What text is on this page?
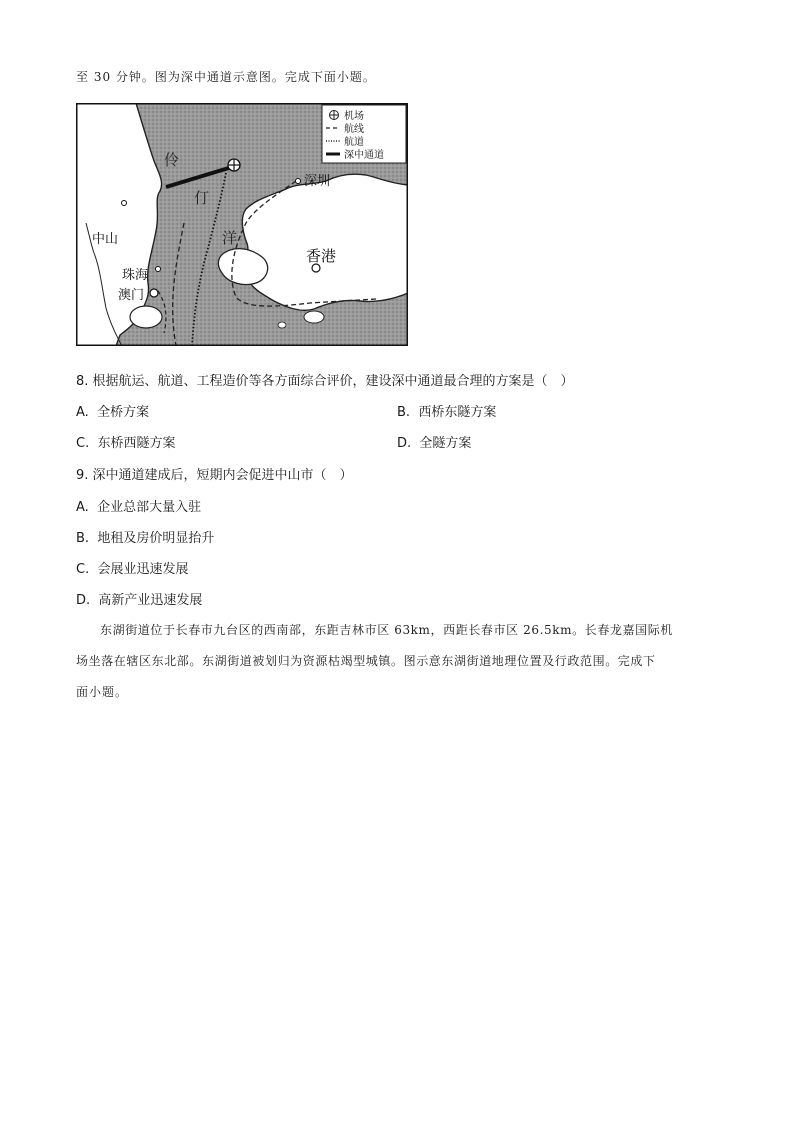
至 30 分钟。图为深中通道示意图。完成下面小题。
机场
航线
航道
深中通道
伶
仃
洋
深圳
中山
珠海
澳门
香港
8. 根据航运、航道、工程造价等各方面综合评价，建设深中通道最合理的方案是（　）
A. 全桥方案	B. 西桥东隧方案
C. 东桥西隧方案	D. 全隧方案
9. 深中通道建成后，短期内会促进中山市（　）
A. 企业总部大量入驻
B. 地租及房价明显抬升
C. 会展业迅速发展
D. 高新产业迅速发展
东湖街道位于长春市九台区的西南部，东距吉林市区 63km，西距长春市区 26.5km。长春龙嘉国际机
场坐落在辖区东北部。东湖街道被划归为资源枯竭型城镇。图示意东湖街道地理位置及行政范围。完成下
面小题。
